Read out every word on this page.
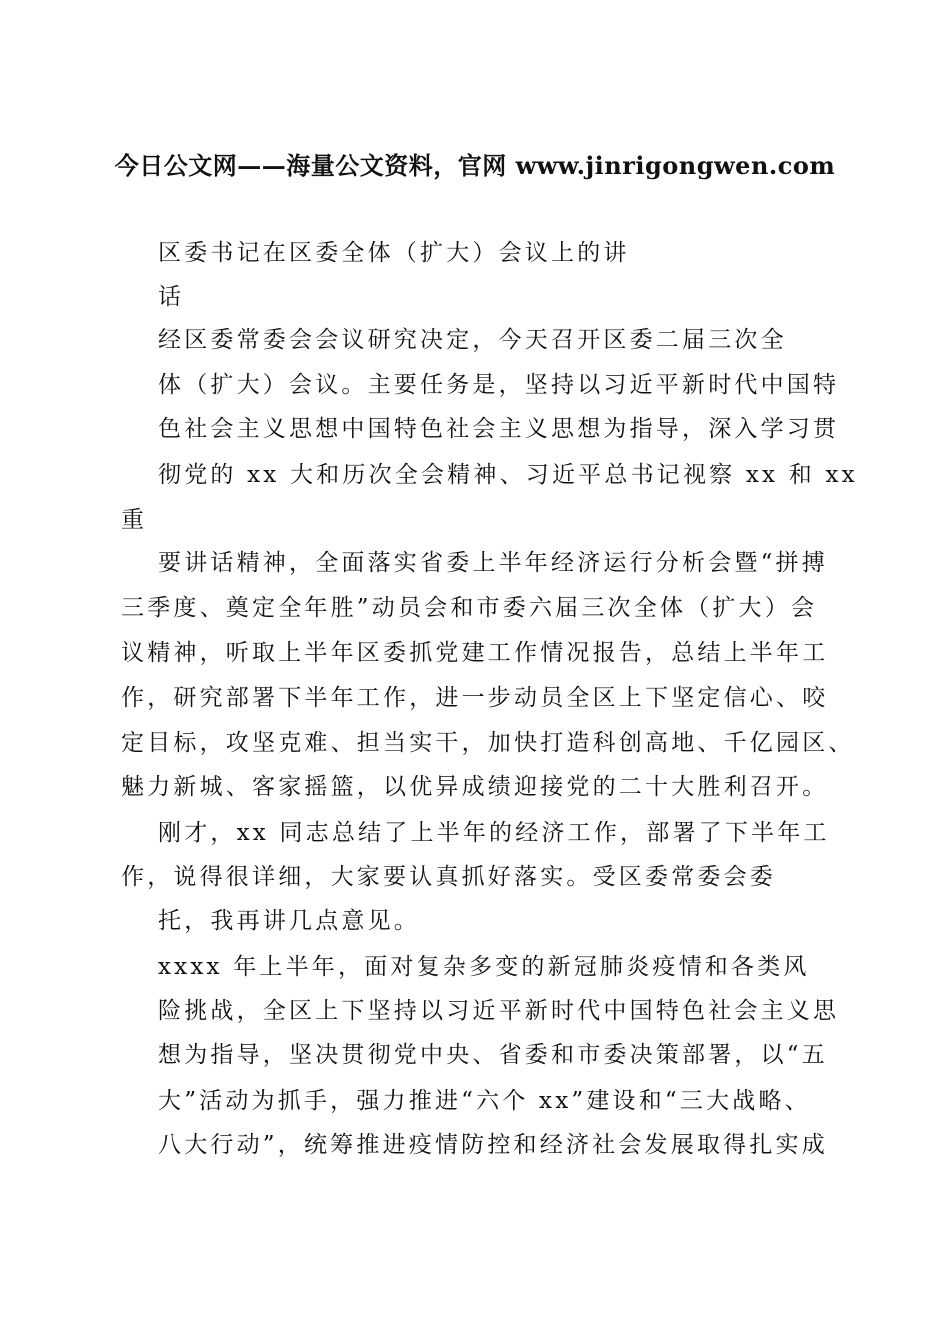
今日公文网——海量公文资料，官网 www.jinrigongwen.com
区委书记在区委全体（扩大）会议上的讲
话
经区委常委会会议研究决定，今天召开区委二届三次全
体（扩大）会议。主要任务是，坚持以习近平新时代中国特
色社会主义思想中国特色社会主义思想为指导，深入学习贯
彻党的 xx 大和历次全会精神、习近平总书记视察 xx 和 xx
重
要讲话精神，全面落实省委上半年经济运行分析会暨“拼搏
三季度、奠定全年胜”动员会和市委六届三次全体（扩大）会
议精神，听取上半年区委抓党建工作情况报告，总结上半年工
作，研究部署下半年工作，进一步动员全区上下坚定信心、咬
定目标，攻坚克难、担当实干，加快打造科创高地、千亿园区、
魅力新城、客家摇篮，以优异成绩迎接党的二十大胜利召开。
刚才，xx 同志总结了上半年的经济工作，部署了下半年工
作，说得很详细，大家要认真抓好落实。受区委常委会委
托，我再讲几点意见。
xxxx 年上半年，面对复杂多变的新冠肺炎疫情和各类风
险挑战，全区上下坚持以习近平新时代中国特色社会主义思
想为指导，坚决贯彻党中央、省委和市委决策部署，以“五
大”活动为抓手，强力推进“六个 xx”建设和“三大战略、
八大行动”，统筹推进疫情防控和经济社会发展取得扎实成
